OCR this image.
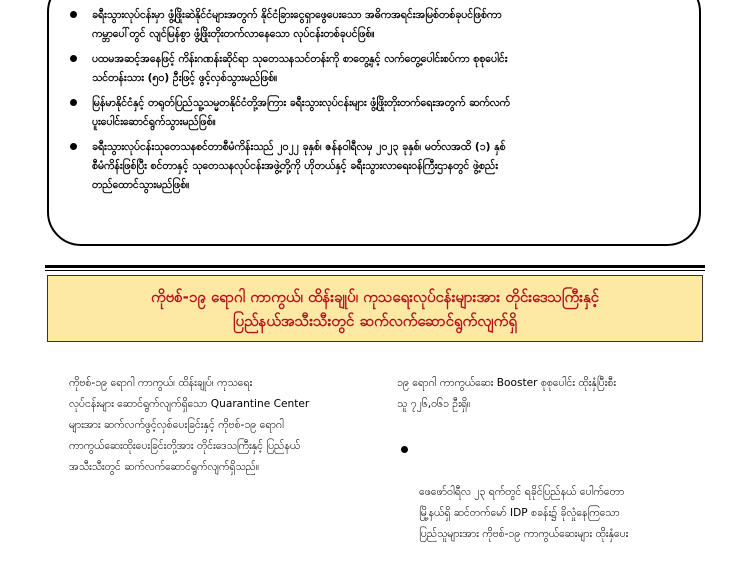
ခရီးသွားလုပ်ငန်းမှာ ဖွံ့ဖြိုးဆဲနိုင်ငံများအတွက် နိုင်ငံခြားငွေရှာဖွေပေးသော အဓိကအရင်းအမြစ်တစ်ခုပင်ဖြစ်ကာ
ကမ္ဘာပေါ်တွင် လျင်မြန်စွာ ဖွံ့ဖြိုးတိုးတက်လာနေသော လုပ်ငန်းတစ်ခုပင်ဖြစ်။
ပထမအဆင့်အနေဖြင့် ကိန်းဂဏန်းဆိုင်ရာ သုတေသနသင်တန်းကို စာတွေ့နှင့် လက်တွေ့ပေါင်းစပ်ကာ စုစုပေါင်း
သင်တန်းသား (၅၀) ဦးဖြင့် ဖွင့်လှစ်သွားမည်ဖြစ်။
မြန်မာနိုင်ငံနှင့် တရုတ်ပြည်သူ့သမ္မတနိုင်ငံတို့အကြား ခရီးသွားလုပ်ငန်းများ ဖွံ့ဖြိုးတိုးတက်ရေးအတွက် ဆက်လက်
ပူးပေါင်းဆောင်ရွက်သွားမည်ဖြစ်။
ခရီးသွားလုပ်ငန်းသုတေသနစင်တာစီမံကိန်းသည် ၂၀၂၂ ခုနှစ်၊ ဇန်နဝါရီလမှ ၂၀၂၃ ခုနှစ်၊ မတ်လအထိ (၁) နှစ်
စီမံကိန်းဖြစ်ပြီး စင်တာနှင့် သုတေသနလုပ်ငန်းအဖွဲ့တို့ကို ဟိုတယ်နှင့် ခရီးသွားလာရေးဝန်ကြီးဌာနတွင် ဖွဲ့စည်း
တည်ထောင်သွားမည်ဖြစ်။
ကိုဗစ်-၁၉ ရောဂါ ကာကွယ်၊ ထိန်းချုပ်၊ ကုသရေးလုပ်ငန်းများအား တိုင်းဒေသကြီးနှင့်
ပြည်နယ်အသီးသီးတွင် ဆက်လက်ဆောင်ရွက်လျက်ရှိ

ကိုဗစ်-၁၉ ရောဂါ ကာကွယ်၊ ထိန်းချုပ်၊ ကုသရေး
လုပ်ငန်းများ ဆောင်ရွက်လျက်ရှိသော Quarantine Center
များအား ဆက်လက်ဖွင့်လှစ်ပေးခြင်းနှင့် ကိုဗစ်-၁၉ ရောဂါ
ကာကွယ်ဆေးထိုးပေးခြင်းတို့အား တိုင်းဒေသကြီးနှင့် ပြည်နယ်
အသီးသီးတွင် ဆက်လက်ဆောင်ရွက်လျက်ရှိသည်။

၁၉ ရောဂါ ကာကွယ်ဆေး Booster စုစုပေါင်း ထိုးနှံပြီးစီး
သူ ၇၂၆,၀၆၁ ဦးရှိ။

ဖေဖော်ဝါရီလ ၂၃ ရက်တွင် ရခိုင်ပြည်နယ် ပေါက်တော
မြို့နယ်ရှိ ဆင်တက်မော် IDP စခန်း၌ ခိုလှုံနေကြသော
ပြည်သူများအား ကိုဗစ်-၁၉ ကာကွယ်ဆေးများ ထိုးနှံပေး
